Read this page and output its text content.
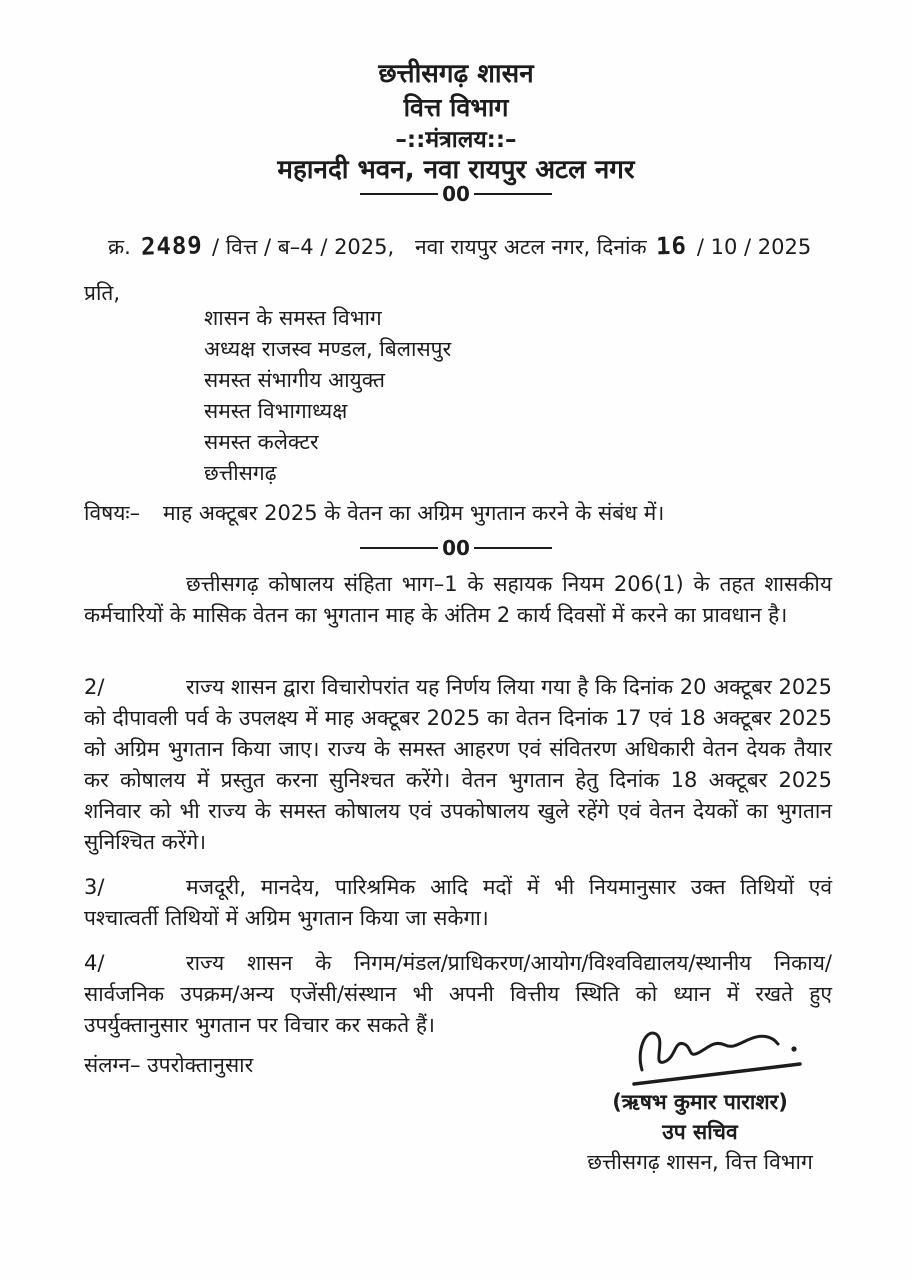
छत्तीसगढ़ शासन
वित्त विभाग
–::मंत्रालय::–
महानदी भवन, नवा रायपुर अटल नगर
00
क्र. 2489 / वित्त / ब–4 / 2025, नवा रायपुर अटल नगर, दिनांक 16 / 10 / 2025
प्रति,
शासन के समस्त विभाग
अध्यक्ष राजस्व मण्डल, बिलासपुर
समस्त संभागीय आयुक्त
समस्त विभागाध्यक्ष
समस्त कलेक्टर
छत्तीसगढ़
विषयः– माह अक्टूबर 2025 के वेतन का अग्रिम भुगतान करने के संबंध में।
00

छत्तीसगढ़ कोषालय संहिता भाग–1 के सहायक नियम 206(1) के तहत शासकीय कर्मचारियों के मासिक वेतन का भुगतान माह के अंतिम 2 कार्य दिवसों में करने का प्रावधान है।

2/	राज्य शासन द्वारा विचारोपरांत यह निर्णय लिया गया है कि दिनांक 20 अक्टूबर 2025 को दीपावली पर्व के उपलक्ष्य में माह अक्टूबर 2025 का वेतन दिनांक 17 एवं 18 अक्टूबर 2025 को अग्रिम भुगतान किया जाए। राज्य के समस्त आहरण एवं संवितरण अधिकारी वेतन देयक तैयार कर कोषालय में प्रस्तुत करना सुनिश्चत करेंगे। वेतन भुगतान हेतु दिनांक 18 अक्टूबर 2025 शनिवार को भी राज्य के समस्त कोषालय एवं उपकोषालय खुले रहेंगे एवं वेतन देयकों का भुगतान सुनिश्चित करेंगे।

3/	मजदूरी, मानदेय, पारिश्रमिक आदि मदों में भी नियमानुसार उक्त तिथियों एवं पश्चात्वर्ती तिथियों में अग्रिम भुगतान किया जा सकेगा।

4/	राज्य शासन के निगम/मंडल/प्राधिकरण/आयोग/विश्वविद्यालय/स्थानीय निकाय/सार्वजनिक उपक्रम/अन्य एजेंसी/संस्थान भी अपनी वित्तीय स्थिति को ध्यान में रखते हुए उपर्युक्तानुसार भुगतान पर विचार कर सकते हैं।

संलग्न– उपरोक्तानुसार
(ऋषभ कुमार पाराशर)
उप सचिव
छत्तीसगढ़ शासन, वित्त विभाग
